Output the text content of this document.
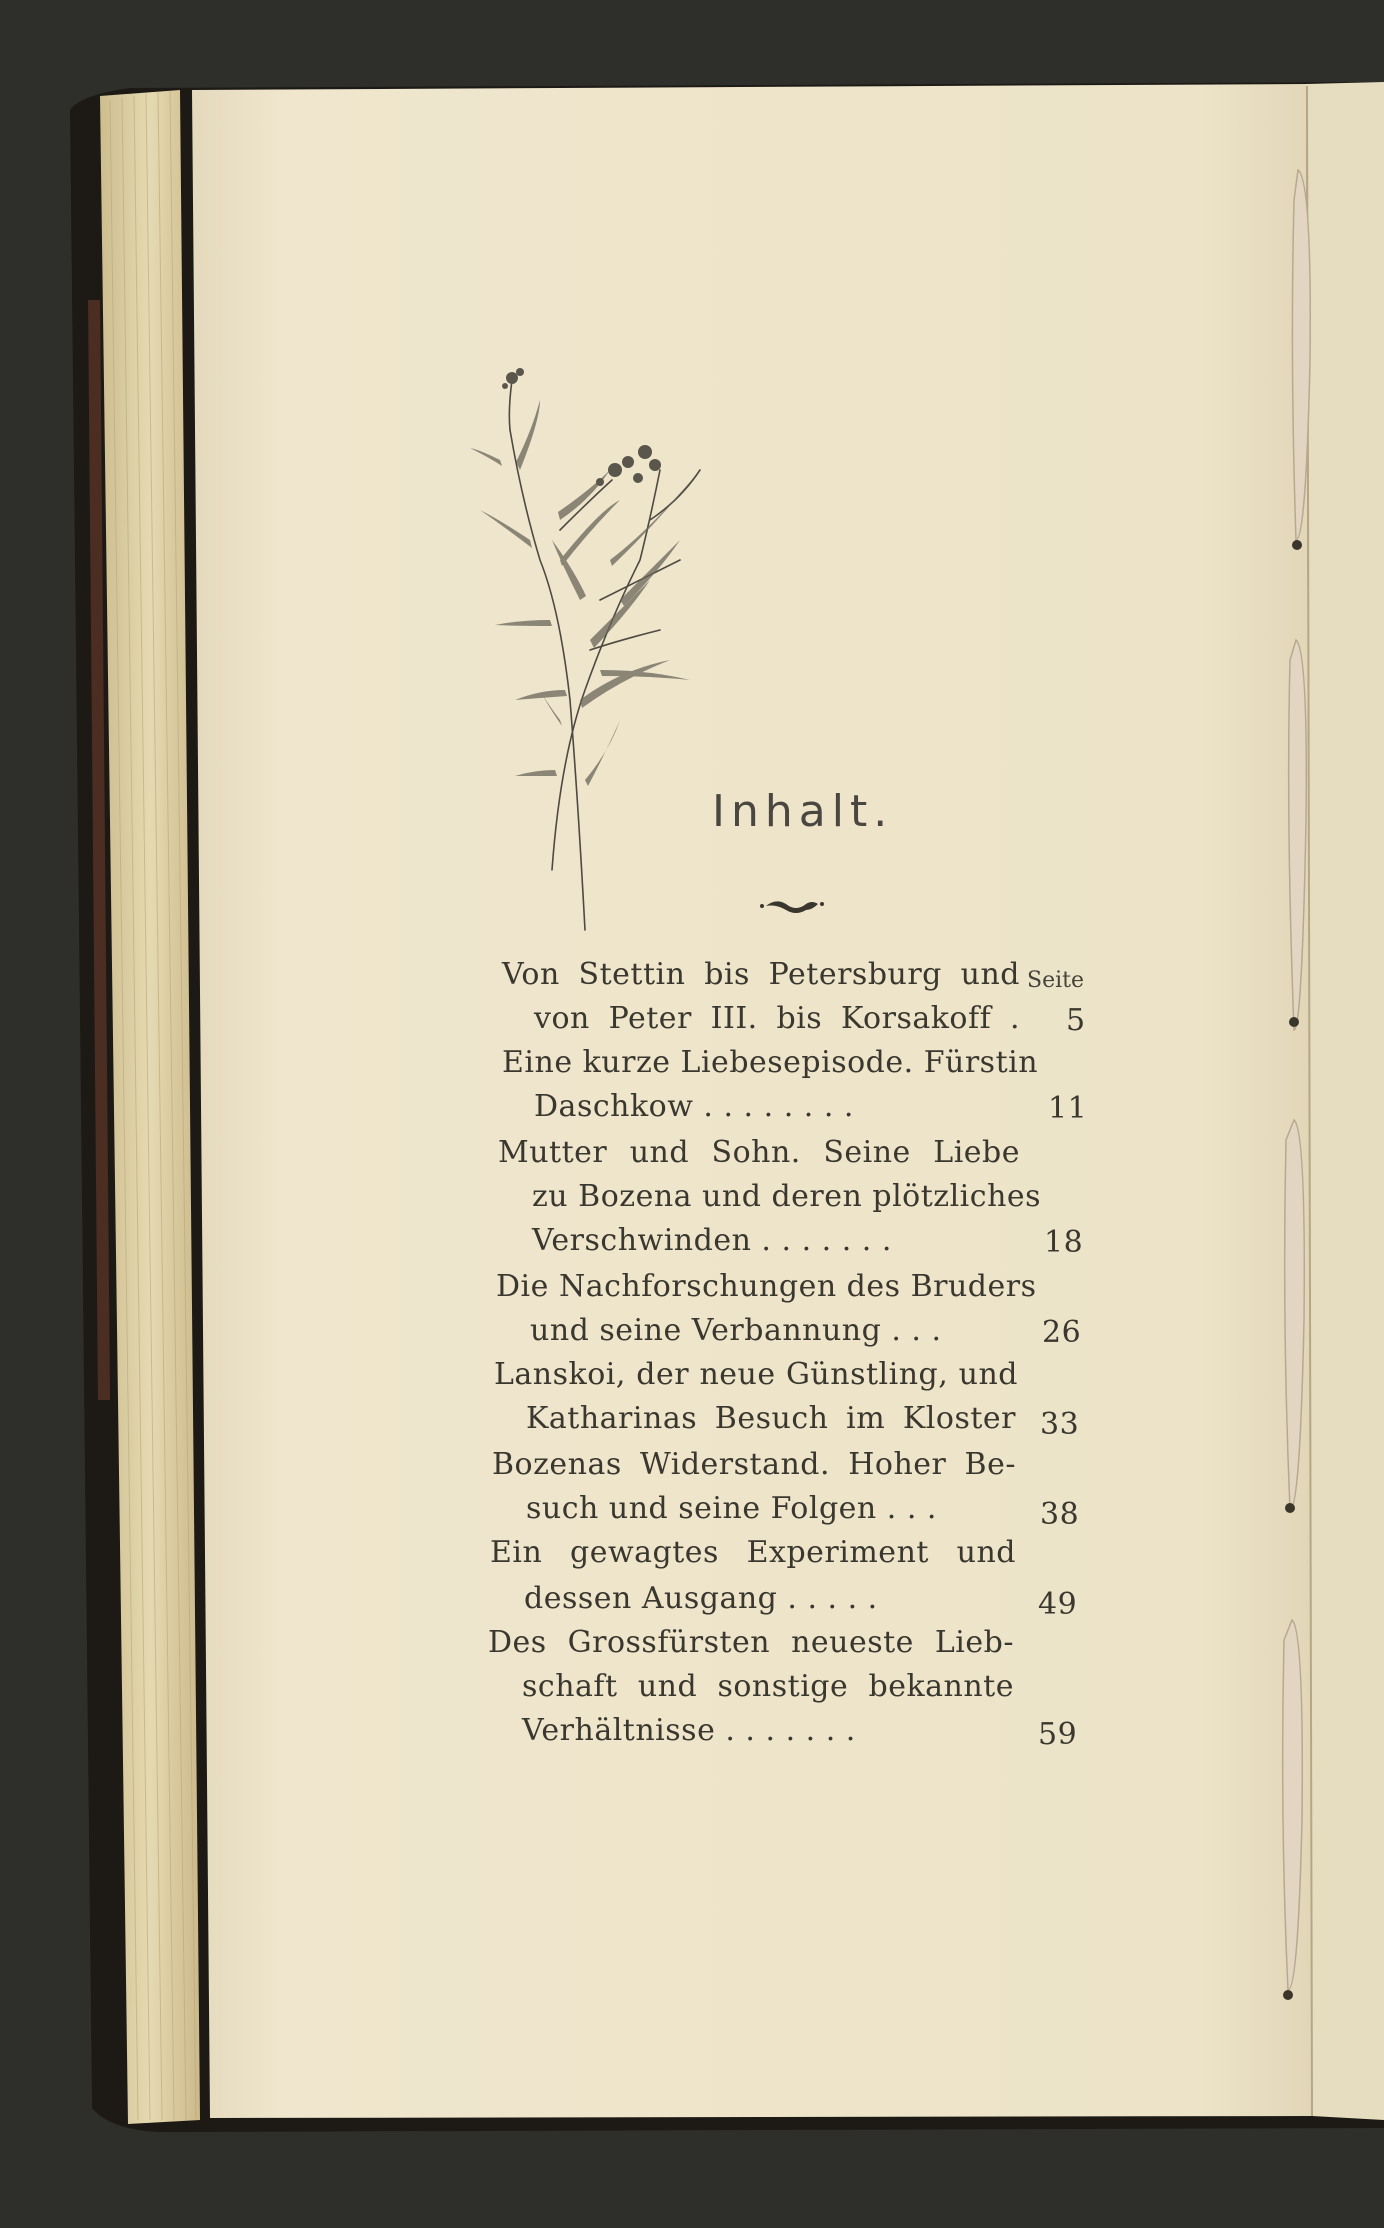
Inhalt.
Seite
Von Stettin bis Petersburg und
von Peter III. bis Korsakoff . 5
Eine kurze Liebesepisode. Fürstin
Daschkow . . . . . . . .	11
Mutter und Sohn. Seine Liebe
zu Bozena und deren plötzliches
Verschwinden . . . . . . .	18
Die Nachforschungen des Bruders
und seine Verbannung . . .	26
Lanskoi, der neue Günstling, und
Katharinas Besuch im Kloster 33
Bozenas Widerstand. Hoher Be-
such und seine Folgen . . .	38
Ein gewagtes Experiment und
dessen Ausgang . . . . .	49
Des Grossfürsten neueste Lieb-
schaft und sonstige bekannte
Verhältnisse . . . . . . .	59
